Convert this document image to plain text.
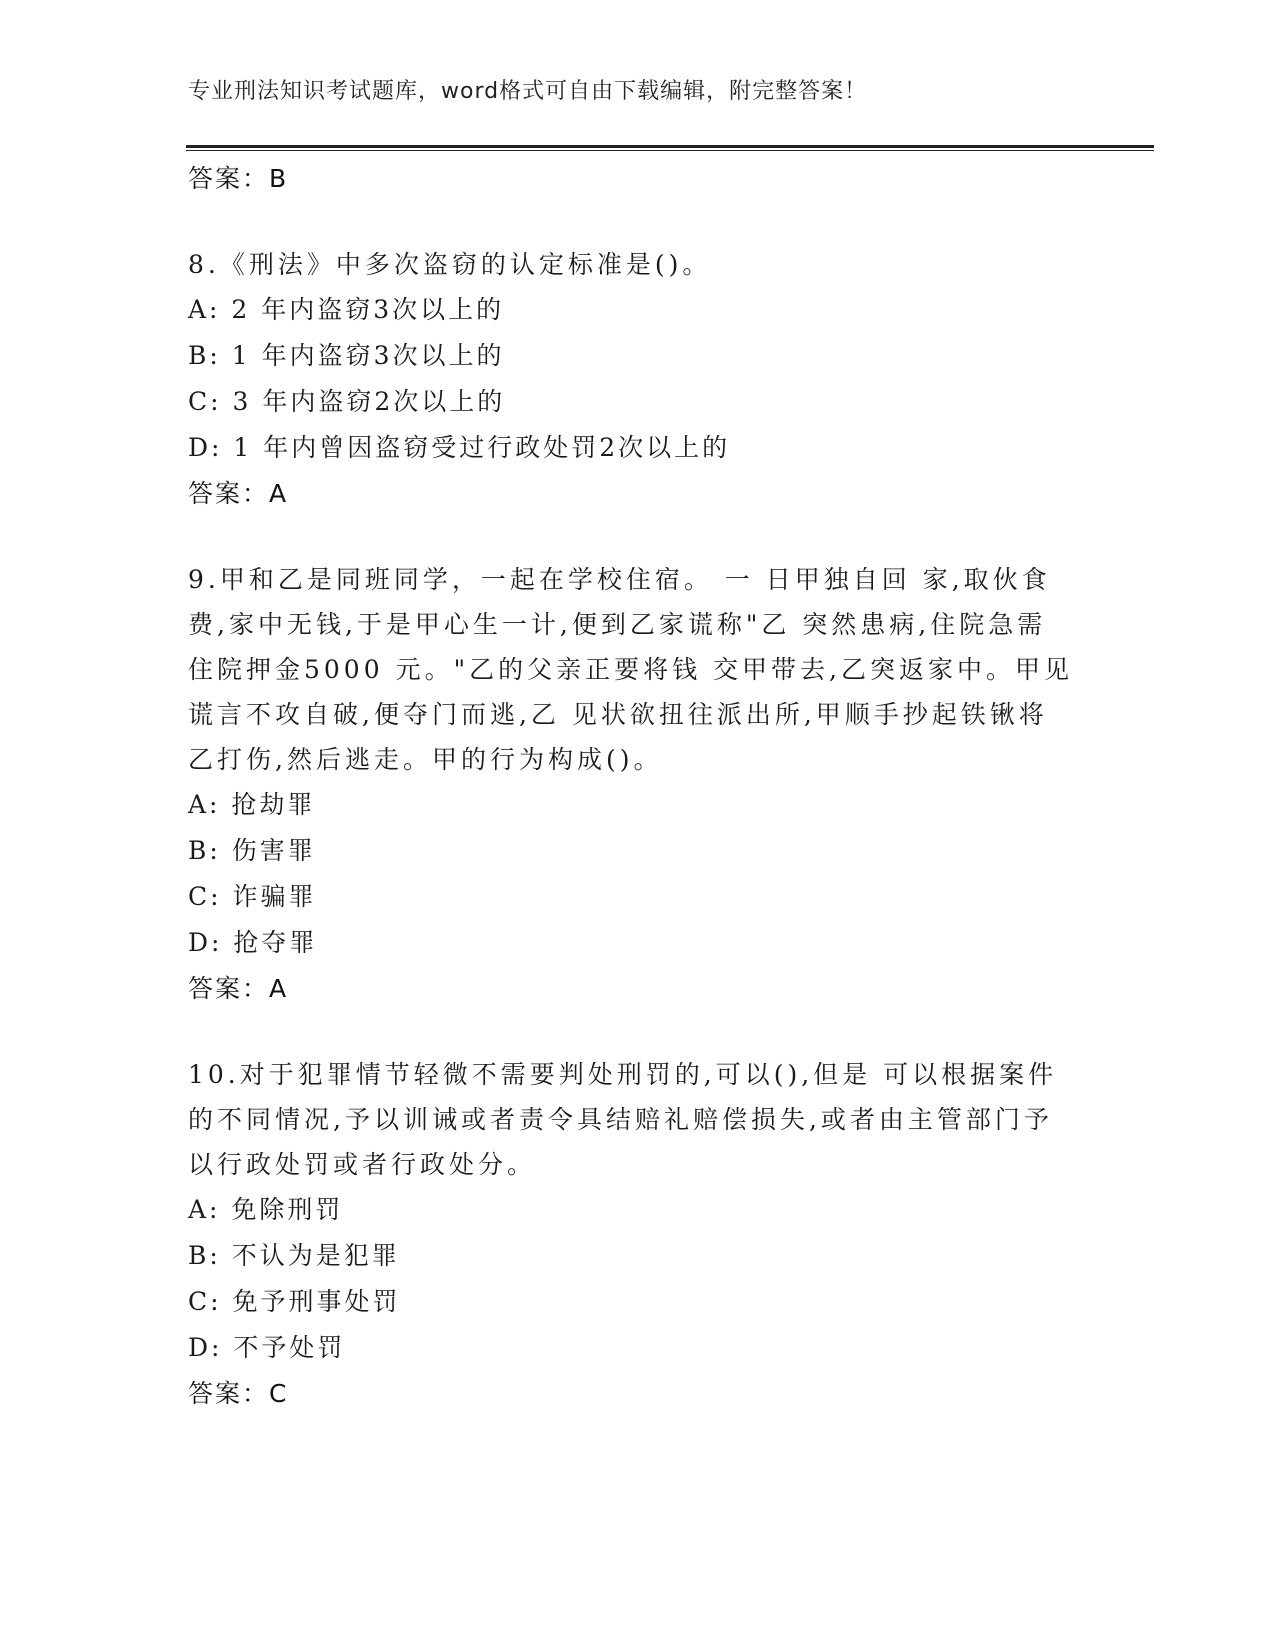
专业刑法知识考试题库，word格式可自由下载编辑，附完整答案！
答案：B
8.《刑法》中多次盗窃的认定标准是()。
A: 2 年内盗窃3次以上的
B: 1 年内盗窃3次以上的
C: 3 年内盗窃2次以上的
D: 1 年内曾因盗窃受过行政处罚2次以上的
答案：A
9.甲和乙是同班同学，一起在学校住宿。 一 日甲独自回 家,取伙食
费,家中无钱,于是甲心生一计,便到乙家谎称"乙 突然患病,住院急需
住院押金5000 元。"乙的父亲正要将钱 交甲带去,乙突返家中。甲见
谎言不攻自破,便夺门而逃,乙 见状欲扭往派出所,甲顺手抄起铁锹将
乙打伤,然后逃走。甲的行为构成()。
A: 抢劫罪
B: 伤害罪
C: 诈骗罪
D: 抢夺罪
答案：A
10.对于犯罪情节轻微不需要判处刑罚的,可以(),但是 可以根据案件
的不同情况,予以训诫或者责令具结赔礼赔偿损失,或者由主管部门予
以行政处罚或者行政处分。
A: 免除刑罚
B: 不认为是犯罪
C: 免予刑事处罚
D: 不予处罚
答案：C
